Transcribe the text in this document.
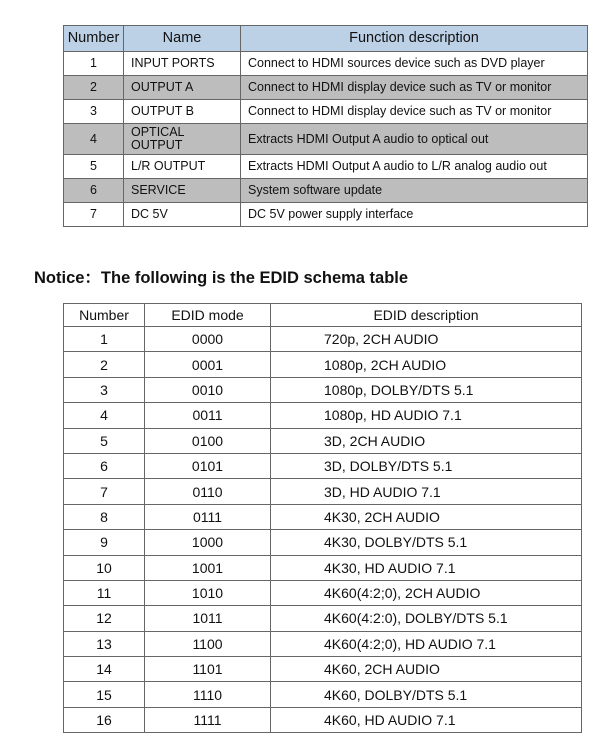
Number	Name	Function description
1	INPUT PORTS	Connect to HDMI sources device such as DVD player
2	OUTPUT A	Connect to HDMI display device such as TV or monitor
3	OUTPUT B	Connect to HDMI display device such as TV or monitor
4	OPTICAL OUTPUT	Extracts HDMI Output A audio to optical out
5	L/R OUTPUT	Extracts HDMI Output A audio to L/R analog audio out
6	SERVICE	System software update
7	DC 5V	DC 5V power supply interface
Notice：The following is the EDID schema table
Number	EDID mode	EDID description
1	0000	720p, 2CH AUDIO
2	0001	1080p, 2CH AUDIO
3	0010	1080p, DOLBY/DTS 5.1
4	0011	1080p, HD AUDIO 7.1
5	0100	3D, 2CH AUDIO
6	0101	3D, DOLBY/DTS 5.1
7	0110	3D, HD AUDIO 7.1
8	0111	4K30, 2CH AUDIO
9	1000	4K30, DOLBY/DTS 5.1
10	1001	4K30, HD AUDIO 7.1
11	1010	4K60(4:2;0), 2CH AUDIO
12	1011	4K60(4:2:0), DOLBY/DTS 5.1
13	1100	4K60(4:2;0), HD AUDIO 7.1
14	1101	4K60, 2CH AUDIO
15	1110	4K60, DOLBY/DTS 5.1
16	1111	4K60, HD AUDIO 7.1
